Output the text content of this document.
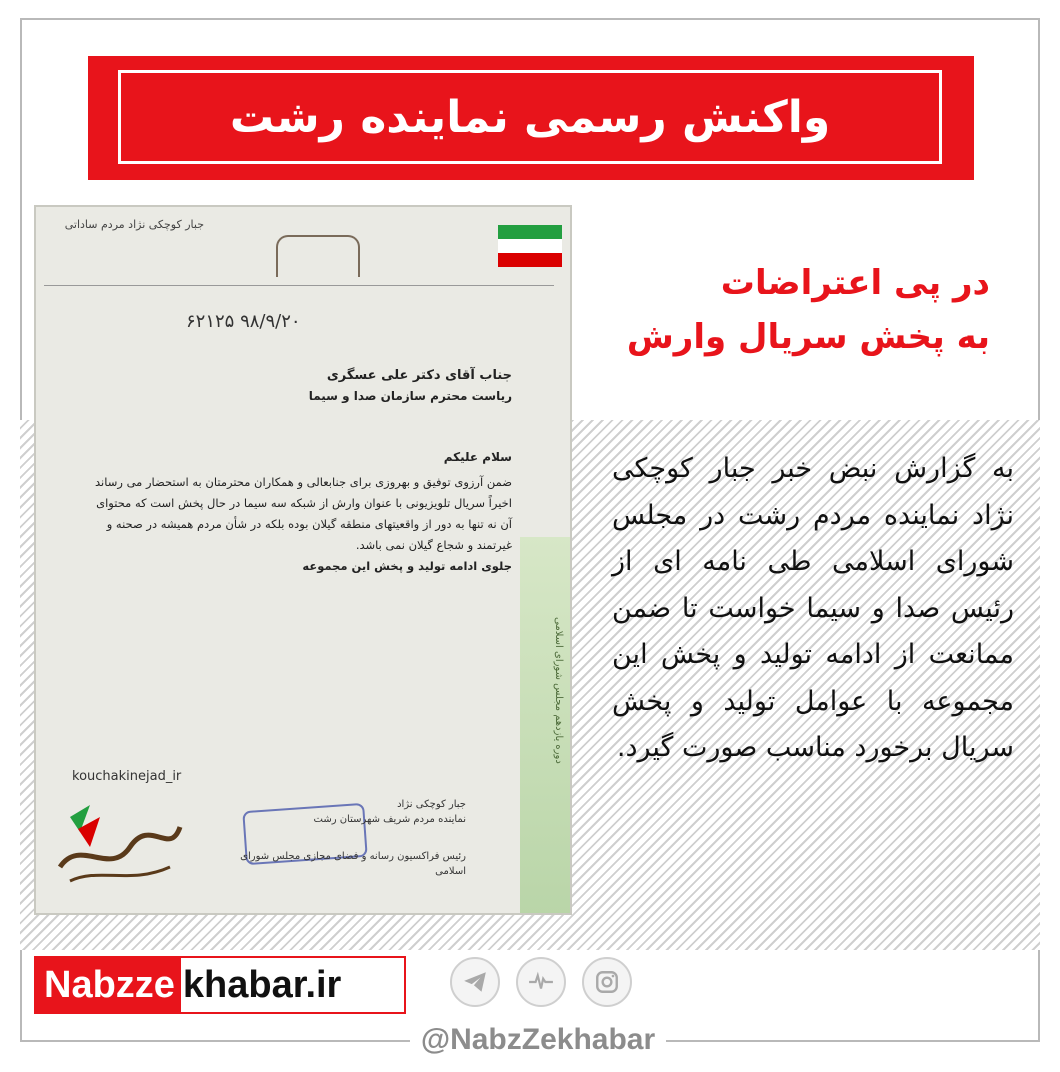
واکنش رسمی نماینده رشت
جبار کوچکی نژاد مردم ساداتی
۹۸/۹/۲۰ ۶۲۱۲۵
جناب آقای دکتر علی عسگری
ریاست محترم سازمان صدا و سیما
سلام علیکم
ضمن آرزوی توفیق و بهروزی برای جنابعالی و همکاران محترمتان به استحضار می رساند اخیراً سریال تلویزیونی با عنوان وارش از شبکه سه سیما در حال پخش است که محتوای آن نه تنها به دور از واقعیتهای منطقه گیلان بوده بلکه در شأن مردم همیشه در صحنه و غیرتمند و شجاع گیلان نمی باشد.
جلوی ادامه تولید و پخش این مجموعه
جبار کوچکی نژاد
نماینده مردم شریف شهرستان رشت
رئیس فراکسیون رسانه و فضای مجازی مجلس شورای اسلامی
kouchakinejad_ir
دوره یازدهم مجلس شورای اسلامی
در پی اعتراضات
به پخش سریال وارش
به گزارش نبض خبر جبار کوچکی نژاد نماینده مردم رشت در مجلس شورای اسلامی طی نامه ای از رئیس صدا و سیما خواست تا ضمن ممانعت از ادامه تولید و پخش این مجموعه با عوامل تولید و پخش سریال برخورد مناسب صورت گیرد.
Nabzze khabar.ir
@NabzZekhabar
